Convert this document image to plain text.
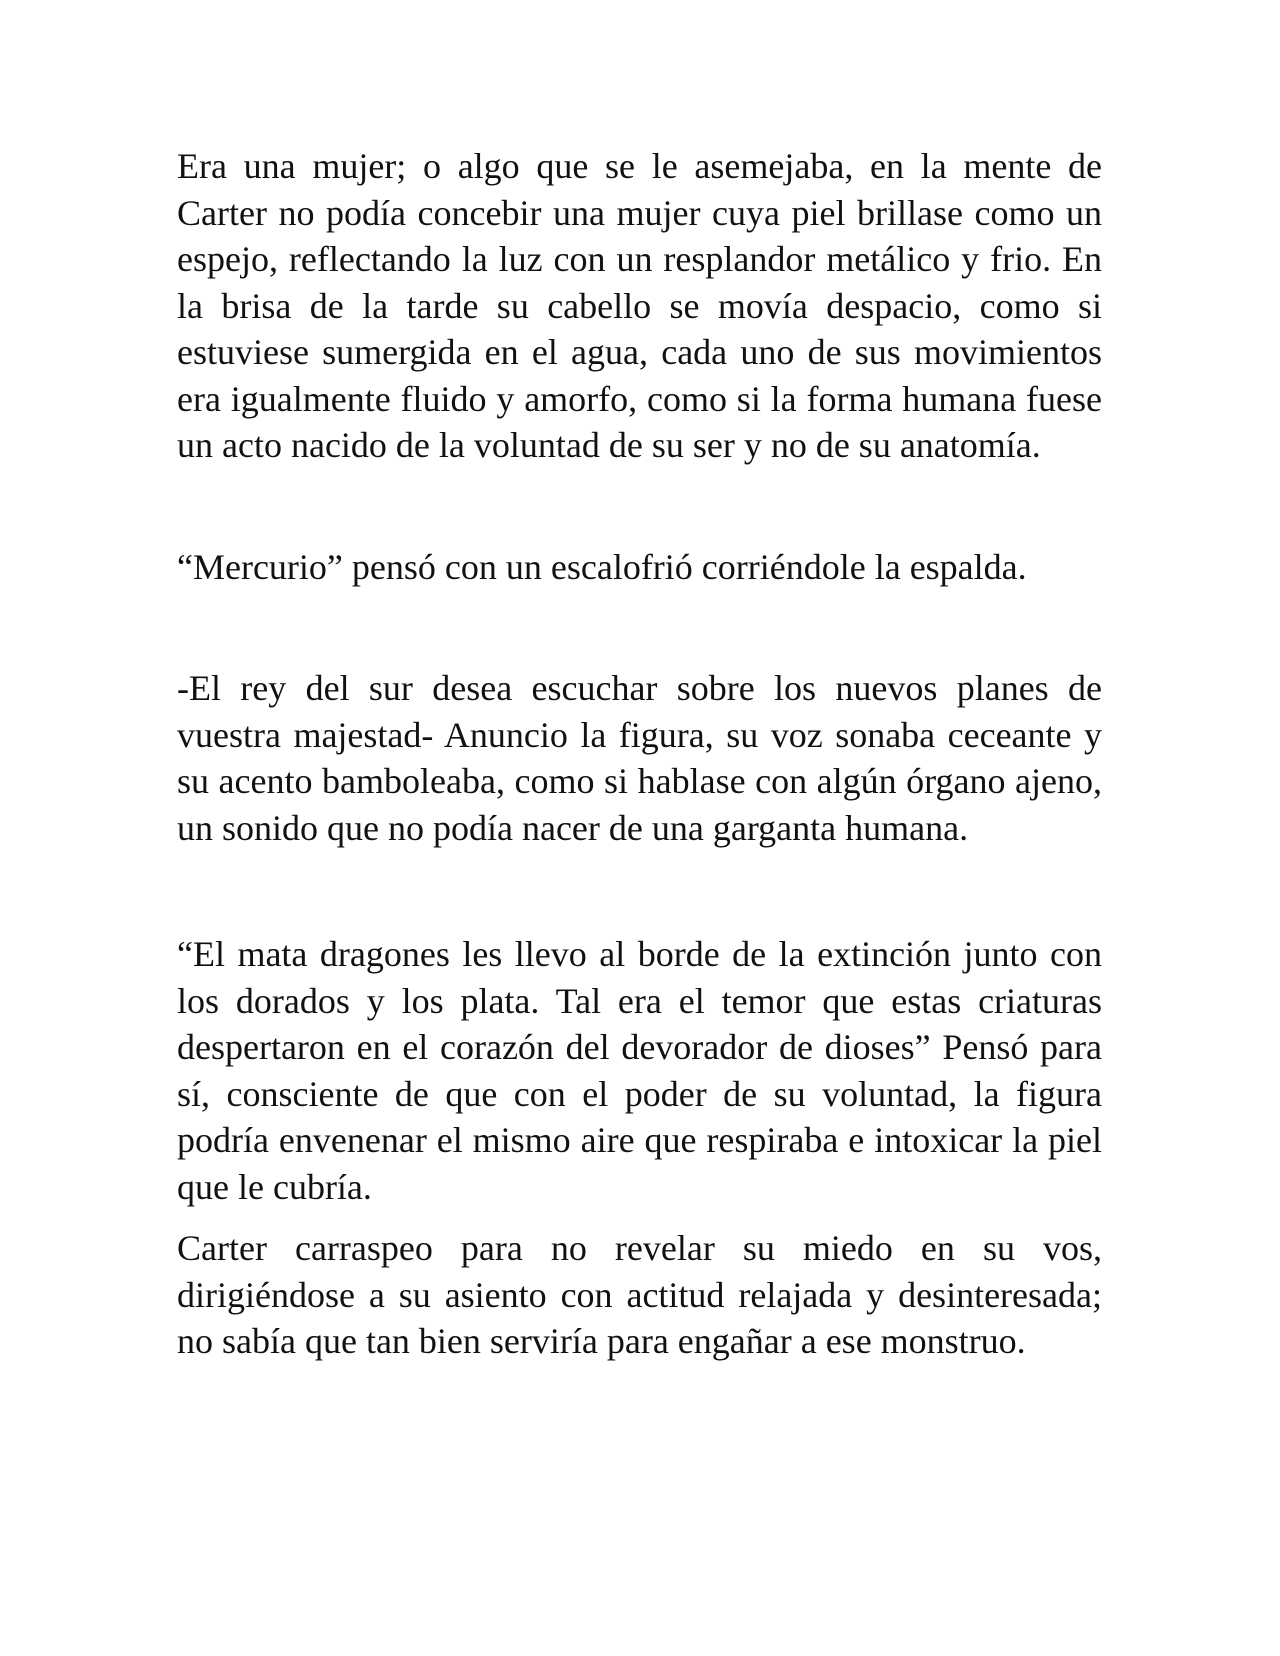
Era una mujer; o algo que se le asemejaba, en la mente de Carter no podía concebir una mujer cuya piel brillase como un espejo, reflectando la luz con un resplandor metálico y frio. En la brisa de la tarde su cabello se movía despacio, como si estuviese sumergida en el agua, cada uno de sus movimientos era igualmente fluido y amorfo, como si la forma humana fuese un acto nacido de la voluntad de su ser y no de su anatomía.

“Mercurio” pensó con un escalofrió corriéndole la espalda.

-El rey del sur desea escuchar sobre los nuevos planes de vuestra majestad- Anuncio la figura, su voz sonaba ceceante y su acento bamboleaba, como si hablase con algún órgano ajeno, un sonido que no podía nacer de una garganta humana.

“El mata dragones les llevo al borde de la extinción junto con los dorados y los plata. Tal era el temor que estas criaturas despertaron en el corazón del devorador de dioses” Pensó para sí, consciente de que con el poder de su voluntad, la figura podría envenenar el mismo aire que respiraba e intoxicar la piel que le cubría.

Carter carraspeo para no revelar su miedo en su vos, dirigiéndose a su asiento con actitud relajada y desinteresada; no sabía que tan bien serviría para engañar a ese monstruo.
